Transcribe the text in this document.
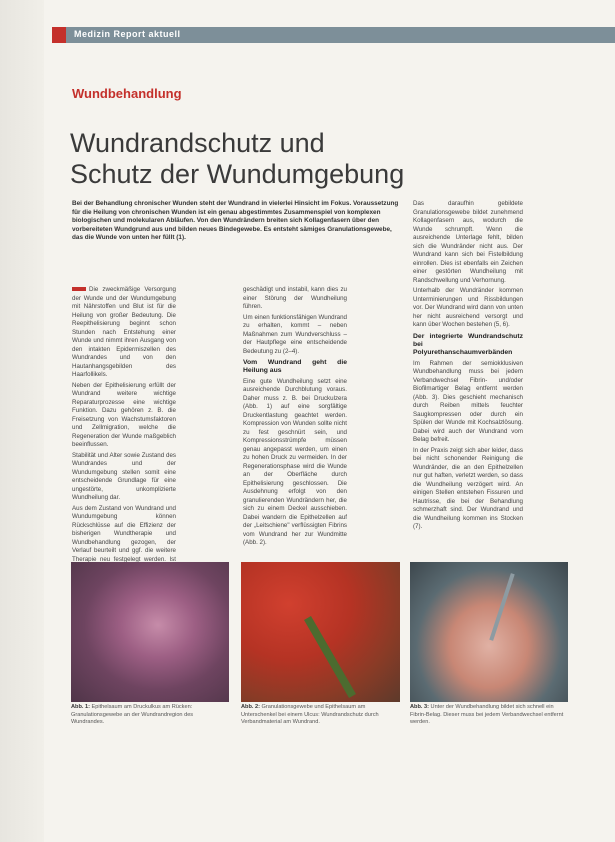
Medizin Report aktuell
Wundbehandlung
Wundrandschutz und
Schutz der Wundumgebung
Bei der Behandlung chronischer Wunden steht der Wundrand in vielerlei Hinsicht im Fokus. Voraussetzung für die Heilung von chronischen Wunden ist ein genau abgestimmtes Zusammenspiel von komplexen biologischen und molekularen Abläufen. Von den Wundrändern breiten sich Kollagenfasern über den vorbereiteten Wundgrund aus und bilden neues Bindegewebe. Es entsteht sämiges Granulationsgewebe, das die Wunde von unten her füllt (1).

Die zweckmäßige Versorgung der Wunde und der Wundumgebung mit Nährstoffen und Blut ist für die Heilung von großer Bedeutung. Die Reepithelisierung beginnt schon Stunden nach Entstehung einer Wunde und nimmt ihren Ausgang von den intakten Epidermiszellen des Wundrandes und von den Hautanhangsgebilden des Haarfollikels.

Neben der Epithelisierung erfüllt der Wundrand weitere wichtige Reparaturprozesse eine wichtige Funktion. Dazu gehören z. B. die Freisetzung von Wachstumsfaktoren und Zellmigration, welche die Regeneration der Wunde maßgeblich beeinflussen.

Stabilität und Alter sowie Zustand des Wundrandes und der Wundumgebung stellen somit eine entscheidende Grundlage für eine ungestörte, unkomplizierte Wundheilung dar.

Aus dem Zustand von Wundrand und Wundumgebung können Rückschlüsse auf die Effizienz der bisherigen Wundtherapie und Wundbehandlung gezogen, der Verlauf beurteilt und ggf. die weitere Therapie neu festgelegt werden. Ist

geschädigt und instabil, kann dies zu einer Störung der Wundheilung führen.

Um einen funktionsfähigen Wundrand zu erhalten, kommt – neben Maßnahmen zum Wundverschluss – der Hautpflege eine entscheidende Bedeutung zu (2–4).

Vom Wundrand geht die Heilung aus

Eine gute Wundheilung setzt eine ausreichende Durchblutung voraus. Daher muss z. B. bei Druckulzera (Abb. 1) auf eine sorgfältige Druckentlastung geachtet werden. Kompression von Wunden sollte nicht zu fest geschnürt sein, und Kompressionsstrümpfe müssen genau angepasst werden, um einen zu hohen Druck zu vermeiden. In der Regenerationsphase wird die Wunde an der Oberfläche durch Epithelisierung geschlossen. Die Ausdehnung erfolgt von den granulierenden Wundrändern her, die sich zu einem Deckel ausschieben. Dabei wandern die Epithelzellen auf der „Leitschiene" verflüssigten Fibrins vom Wundrand her zur Wundmitte (Abb. 2).

Das daraufhin gebildete Granulationsgewebe bildet zunehmend Kollagenfasern aus, wodurch die Wunde schrumpft. Wenn die ausreichende Unterlage fehlt, bilden sich die Wundränder nicht aus. Der Wundrand kann sich bei Fistelbildung einrollen. Dies ist ebenfalls ein Zeichen einer gestörten Wundheilung mit Randschwellung und Verhornung.

Unterhalb der Wundränder kommen Unterminierungen und Rissbildungen vor. Der Wundrand wird dann von unten her nicht ausreichend versorgt und kann über Wochen bestehen (5, 6).

Der integrierte Wundrandschutz bei Polyurethanschaumverbänden

Im Rahmen der semiokklusiven Wundbehandlung muss bei jedem Verbandwechsel Fibrin- und/oder Biofilmartiger Belag entfernt werden (Abb. 3). Dies geschieht mechanisch durch Reiben mittels feuchter Saugkompressen oder durch ein Spülen der Wunde mit Kochsalzlösung. Dabei wird auch der Wundrand vom Belag befreit.

In der Praxis zeigt sich aber leider, dass bei nicht schonender Reinigung die Wundränder, die an den Epithelzellen nur gut haften, verletzt werden, so dass die Wundheilung verzögert wird. An einigen Stellen entstehen Fissuren und Hautrisse, die bei der Behandlung schmerzhaft sind. Der Wundrand und die Wundheilung kommen ins Stocken (7).

Abb. 1: Epithelsaum am Druckulkus am Rücken: Granulationsgewebe an der Wundrandregion des Wundrandes.
Abb. 2: Granulationsgewebe und Epithelsaum am Unterschenkel bei einem Ulcus: Wundrandschutz durch Verbandmaterial am Wundrand.
Abb. 3: Unter der Wundbehandlung bildet sich schnell ein Fibrin-Belag. Dieser muss bei jedem Verbandwechsel entfernt werden.
